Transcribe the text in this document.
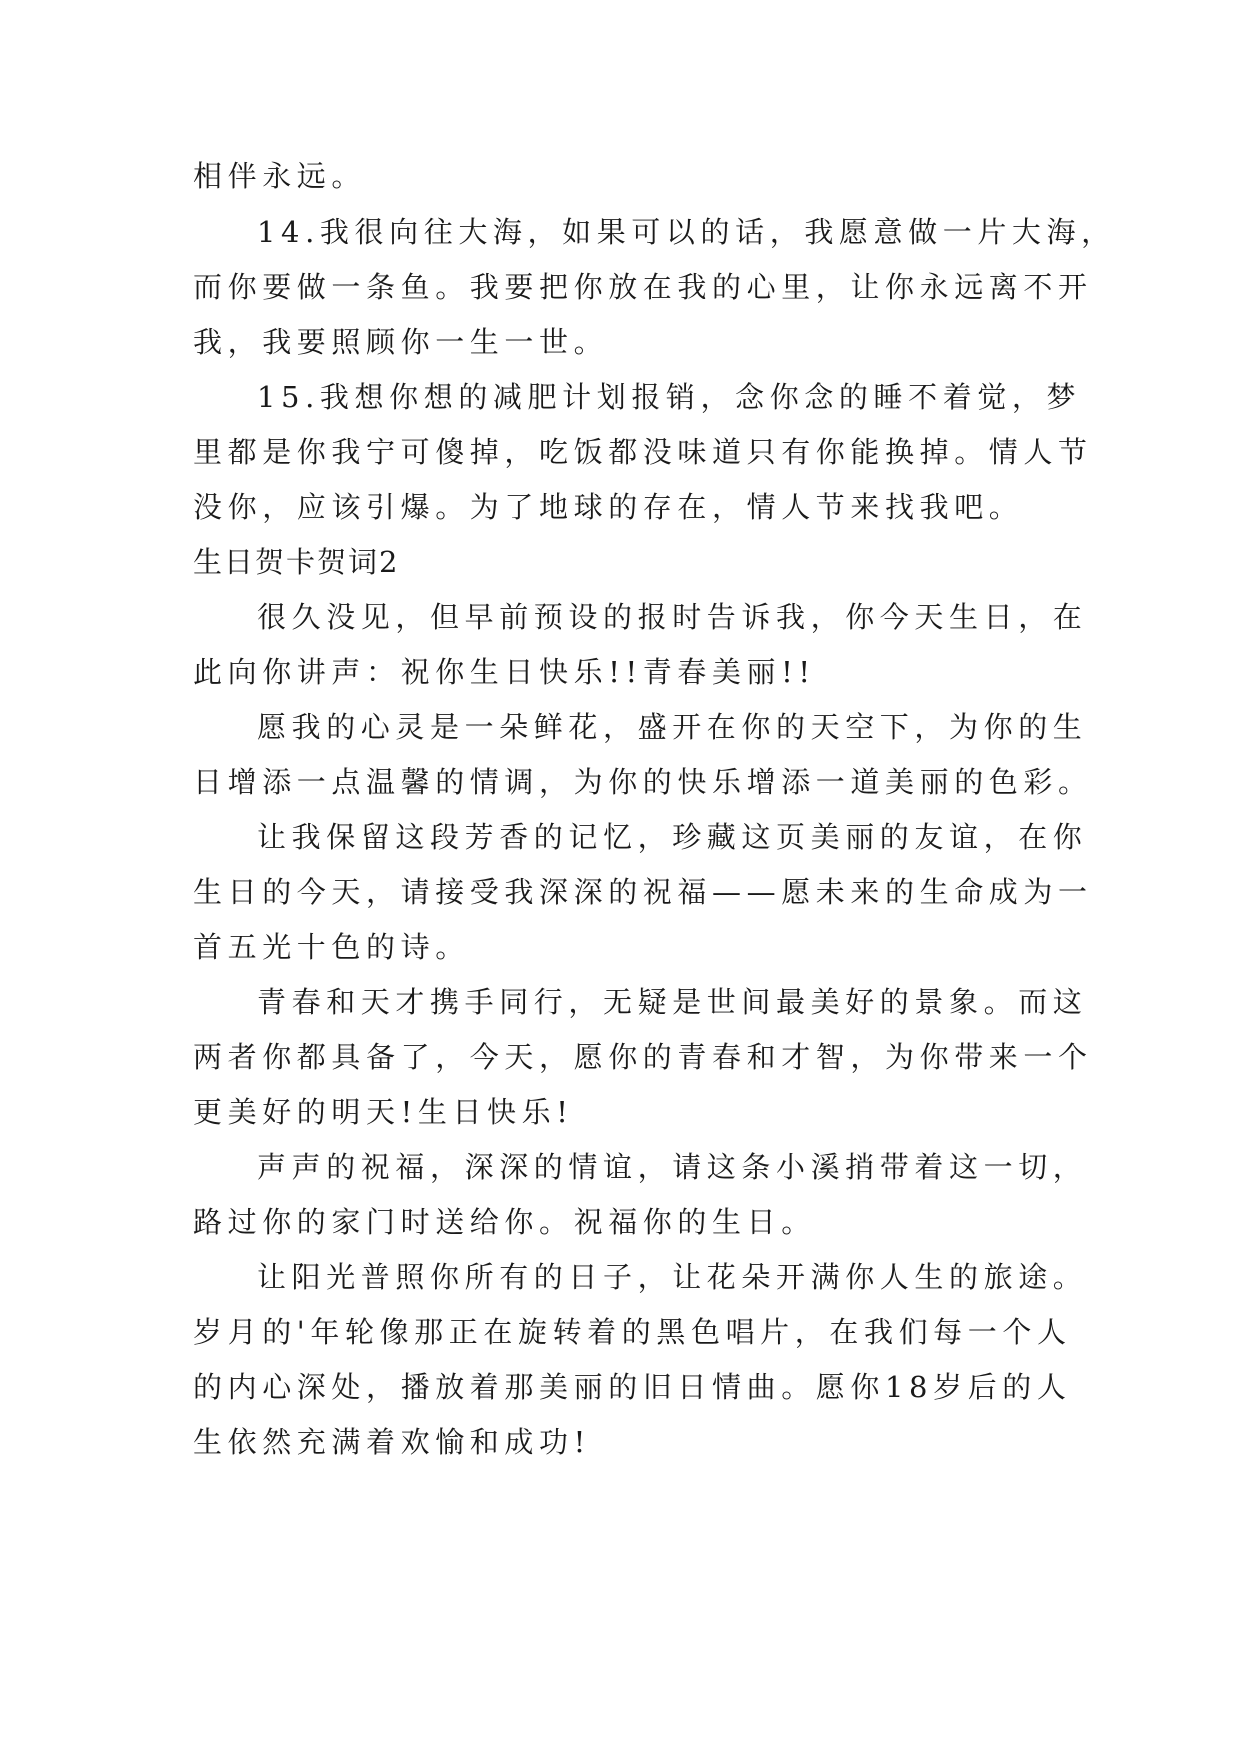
相伴永远。
14.我很向往大海，如果可以的话，我愿意做一片大海，
而你要做一条鱼。我要把你放在我的心里，让你永远离不开
我，我要照顾你一生一世。
15.我想你想的减肥计划报销，念你念的睡不着觉，梦
里都是你我宁可傻掉，吃饭都没味道只有你能换掉。情人节
没你，应该引爆。为了地球的存在，情人节来找我吧。
生日贺卡贺词2
很久没见，但早前预设的报时告诉我，你今天生日，在
此向你讲声：祝你生日快乐!!青春美丽!!
愿我的心灵是一朵鲜花，盛开在你的天空下，为你的生
日增添一点温馨的情调，为你的快乐增添一道美丽的色彩。
让我保留这段芳香的记忆，珍藏这页美丽的友谊，在你
生日的今天，请接受我深深的祝福——愿未来的生命成为一
首五光十色的诗。
青春和天才携手同行，无疑是世间最美好的景象。而这
两者你都具备了，今天，愿你的青春和才智，为你带来一个
更美好的明天!生日快乐!
声声的祝福，深深的情谊，请这条小溪捎带着这一切，
路过你的家门时送给你。祝福你的生日。
让阳光普照你所有的日子，让花朵开满你人生的旅途。
岁月的'年轮像那正在旋转着的黑色唱片，在我们每一个人
的内心深处，播放着那美丽的旧日情曲。愿你18岁后的人
生依然充满着欢愉和成功!
